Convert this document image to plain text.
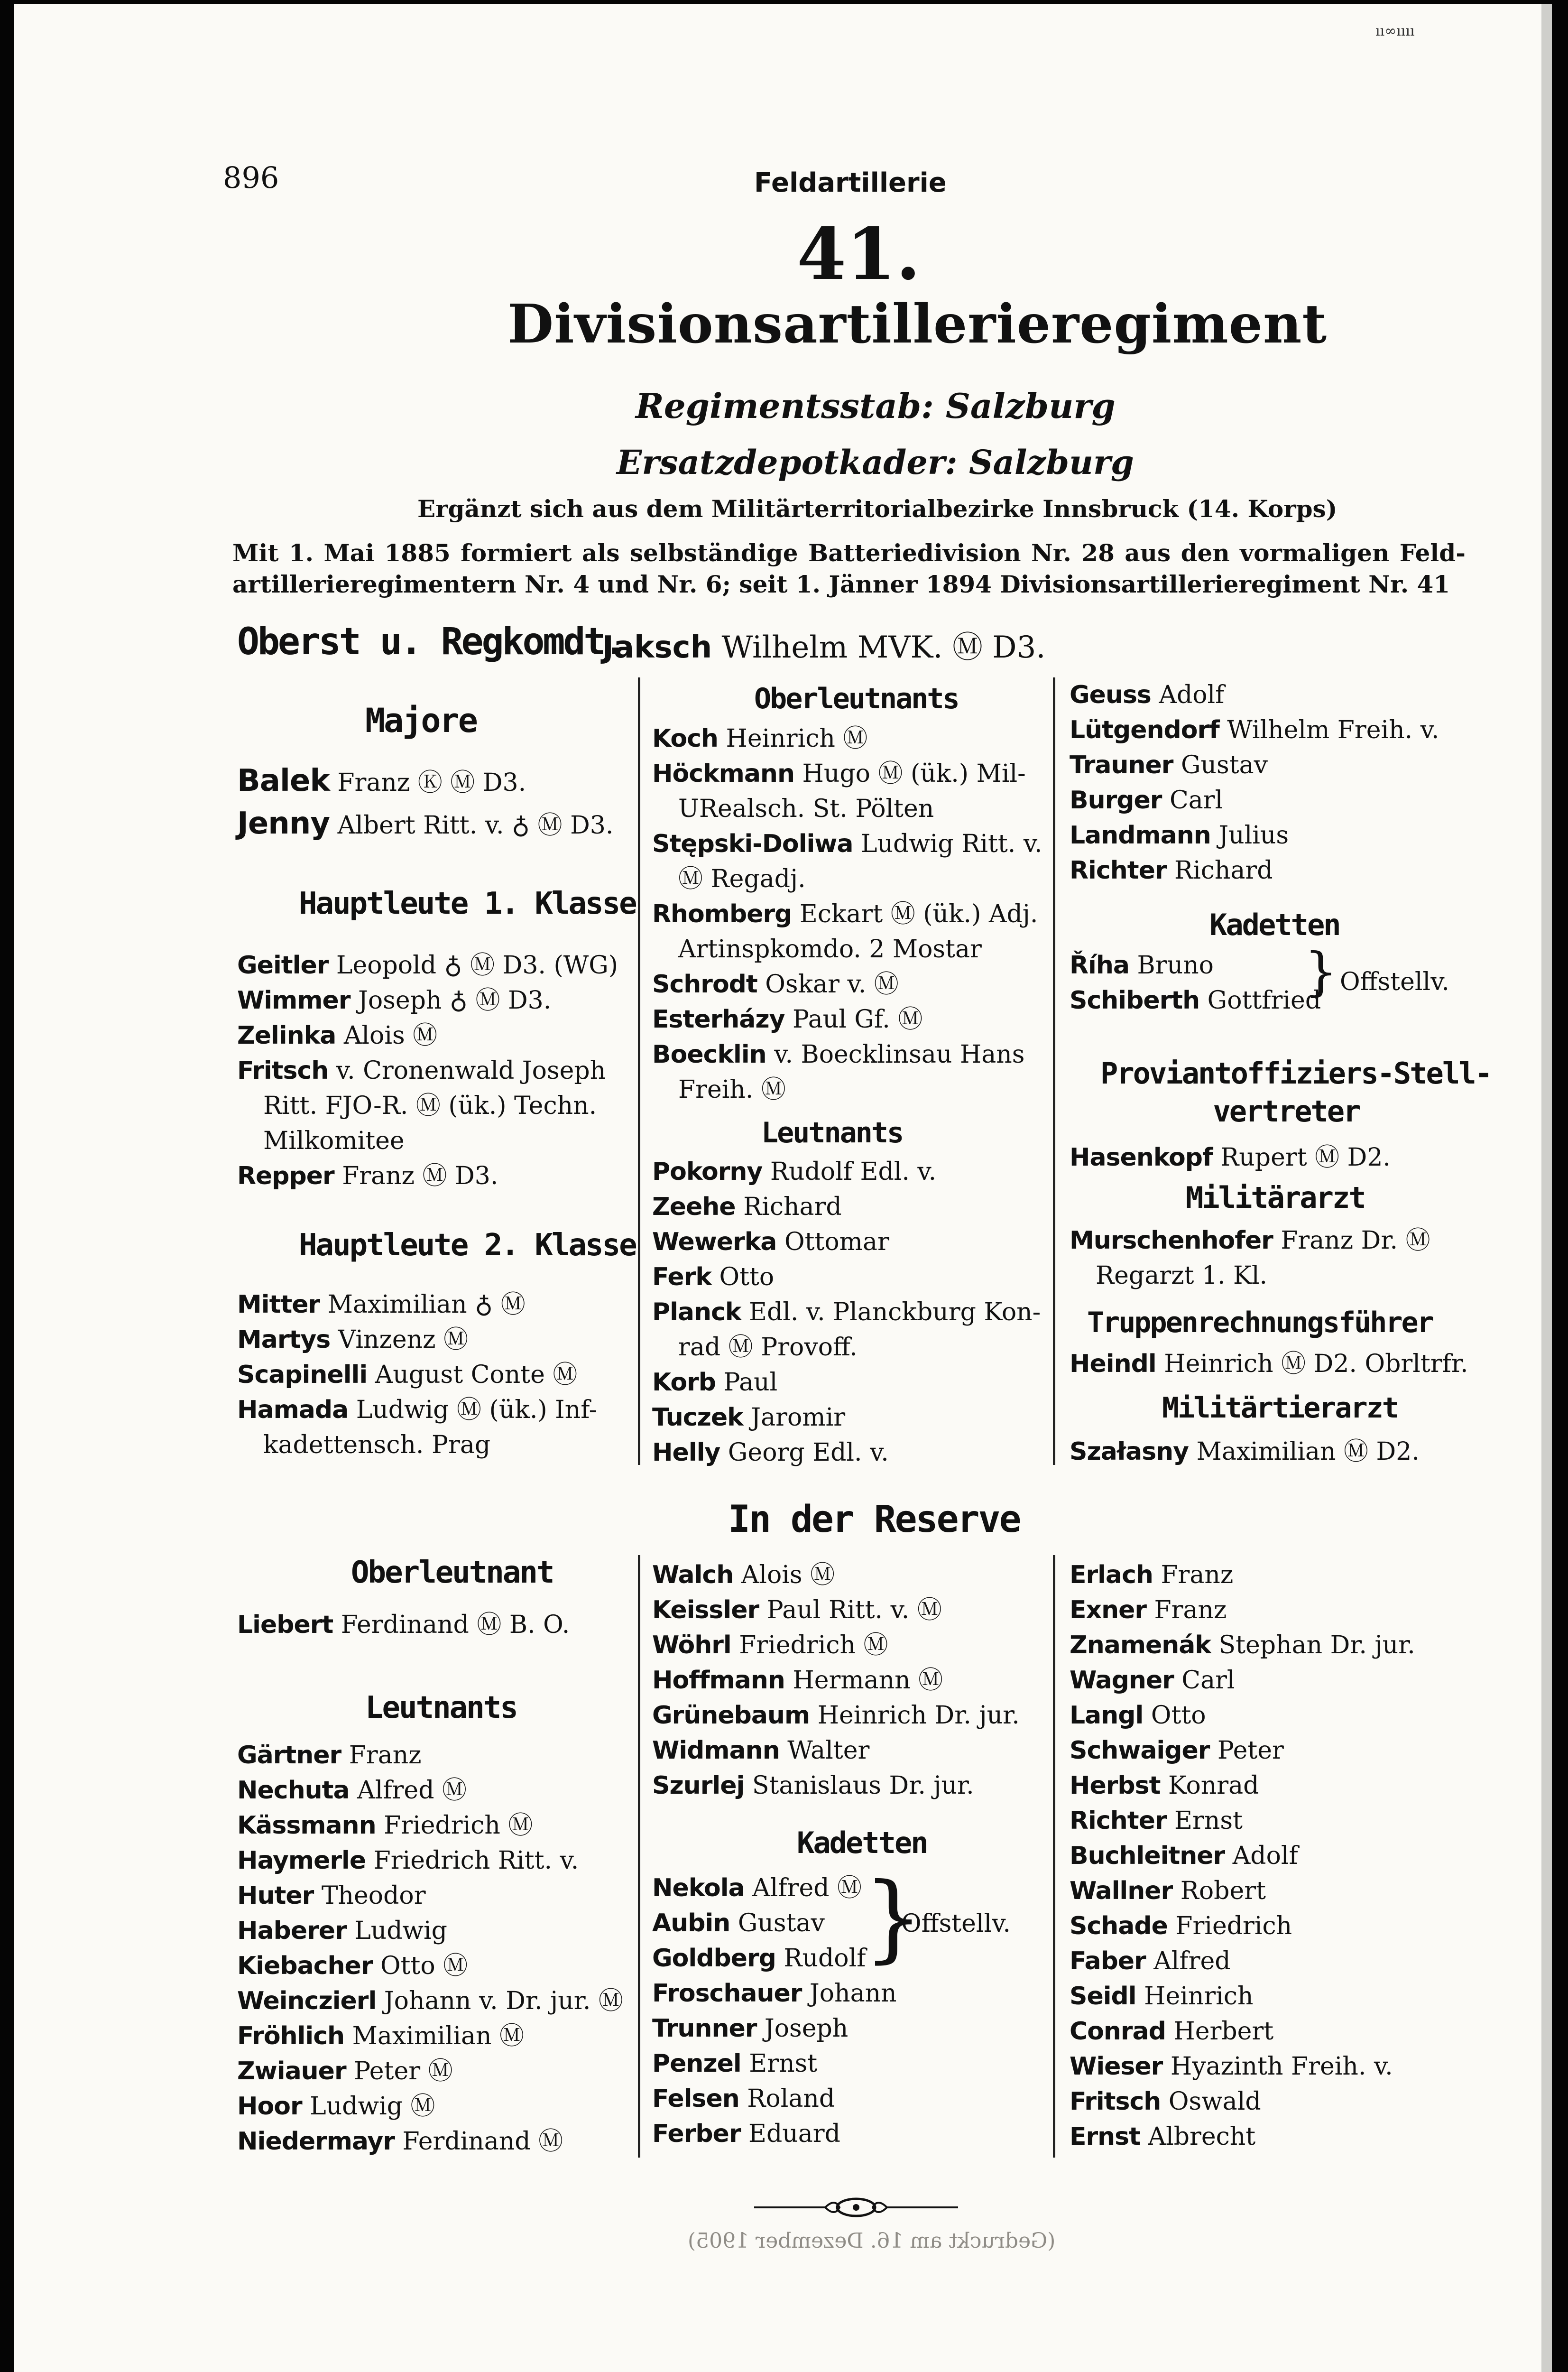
ıı∞ıııı
896	Feldartillerie
41.
Divisionsartillerieregiment
Regimentsstab: Salzburg
Ersatzdepotkader: Salzburg
Ergänzt sich aus dem Militärterritorialbezirke Innsbruck (14. Korps)
Mit 1. Mai 1885 formiert als selbständige Batteriedivision Nr. 28 aus den vormaligen Feld-
artillerieregimentern Nr. 4 und Nr. 6; seit 1. Jänner 1894 Divisionsartillerieregiment Nr. 41
Oberst u. Regkomdt.
Jaksch Wilhelm MVK. Ⓜ D3.
Majore
Balek Franz Ⓚ Ⓜ D3.
Jenny Albert Ritt. v. ♁ Ⓜ D3.
Hauptleute 1. Klasse
Geitler Leopold ♁ Ⓜ D3. (WG)
Wimmer Joseph ♁ Ⓜ D3.
Zelinka Alois Ⓜ
Fritsch v. Cronenwald Joseph
Ritt. FJO-R. Ⓜ (ük.) Techn.
Milkomitee
Repper Franz Ⓜ D3.
Hauptleute 2. Klasse
Mitter Maximilian ♁ Ⓜ
Martys Vinzenz Ⓜ
Scapinelli August Conte Ⓜ
Hamada Ludwig Ⓜ (ük.) Inf-
kadettensch. Prag
Oberleutnants
Koch Heinrich Ⓜ
Höckmann Hugo Ⓜ (ük.) Mil-
URealsch. St. Pölten
Stępski-Doliwa Ludwig Ritt. v.
Ⓜ Regadj.
Rhomberg Eckart Ⓜ (ük.) Adj.
Artinspkomdo. 2 Mostar
Schrodt Oskar v. Ⓜ
Esterházy Paul Gf. Ⓜ
Boecklin v. Boecklinsau Hans
Freih. Ⓜ
Leutnants
Pokorny Rudolf Edl. v.
Zeehe Richard
Wewerka Ottomar
Ferk Otto
Planck Edl. v. Planckburg Kon-
rad Ⓜ Provoff.
Korb Paul
Tuczek Jaromir
Helly Georg Edl. v.
Geuss Adolf
Lütgendorf Wilhelm Freih. v.
Trauner Gustav
Burger Carl
Landmann Julius
Richter Richard
Kadetten
Říha Bruno
Schiberth Gottfried
} Offstellv.
Proviantoffiziers-Stell-
vertreter
Hasenkopf Rupert Ⓜ D2.
Militärarzt
Murschenhofer Franz Dr. Ⓜ
Regarzt 1. Kl.
Truppenrechnungsführer
Heindl Heinrich Ⓜ D2. Obrltrfr.
Militärtierarzt
Szałasny Maximilian Ⓜ D2.
In der Reserve
Oberleutnant
Liebert Ferdinand Ⓜ B. O.
Leutnants
Gärtner Franz
Nechuta Alfred Ⓜ
Kässmann Friedrich Ⓜ
Haymerle Friedrich Ritt. v.
Huter Theodor
Haberer Ludwig
Kiebacher Otto Ⓜ
Weinczierl Johann v. Dr. jur. Ⓜ
Fröhlich Maximilian Ⓜ
Zwiauer Peter Ⓜ
Hoor Ludwig Ⓜ
Niedermayr Ferdinand Ⓜ
Walch Alois Ⓜ
Keissler Paul Ritt. v. Ⓜ
Wöhrl Friedrich Ⓜ
Hoffmann Hermann Ⓜ
Grünebaum Heinrich Dr. jur.
Widmann Walter
Szurlej Stanislaus Dr. jur.
Kadetten
Nekola Alfred Ⓜ
Aubin Gustav
Goldberg Rudolf
Froschauer Johann
Trunner Joseph
Penzel Ernst
Felsen Roland
Ferber Eduard
}
Offstellv.
Erlach Franz
Exner Franz
Znamenák Stephan Dr. jur.
Wagner Carl
Langl Otto
Schwaiger Peter
Herbst Konrad
Richter Ernst
Buchleitner Adolf
Wallner Robert
Schade Friedrich
Faber Alfred
Seidl Heinrich
Conrad Herbert
Wieser Hyazinth Freih. v.
Fritsch Oswald
Ernst Albrecht
(Gedruckt am 16. Dezember 1905)
